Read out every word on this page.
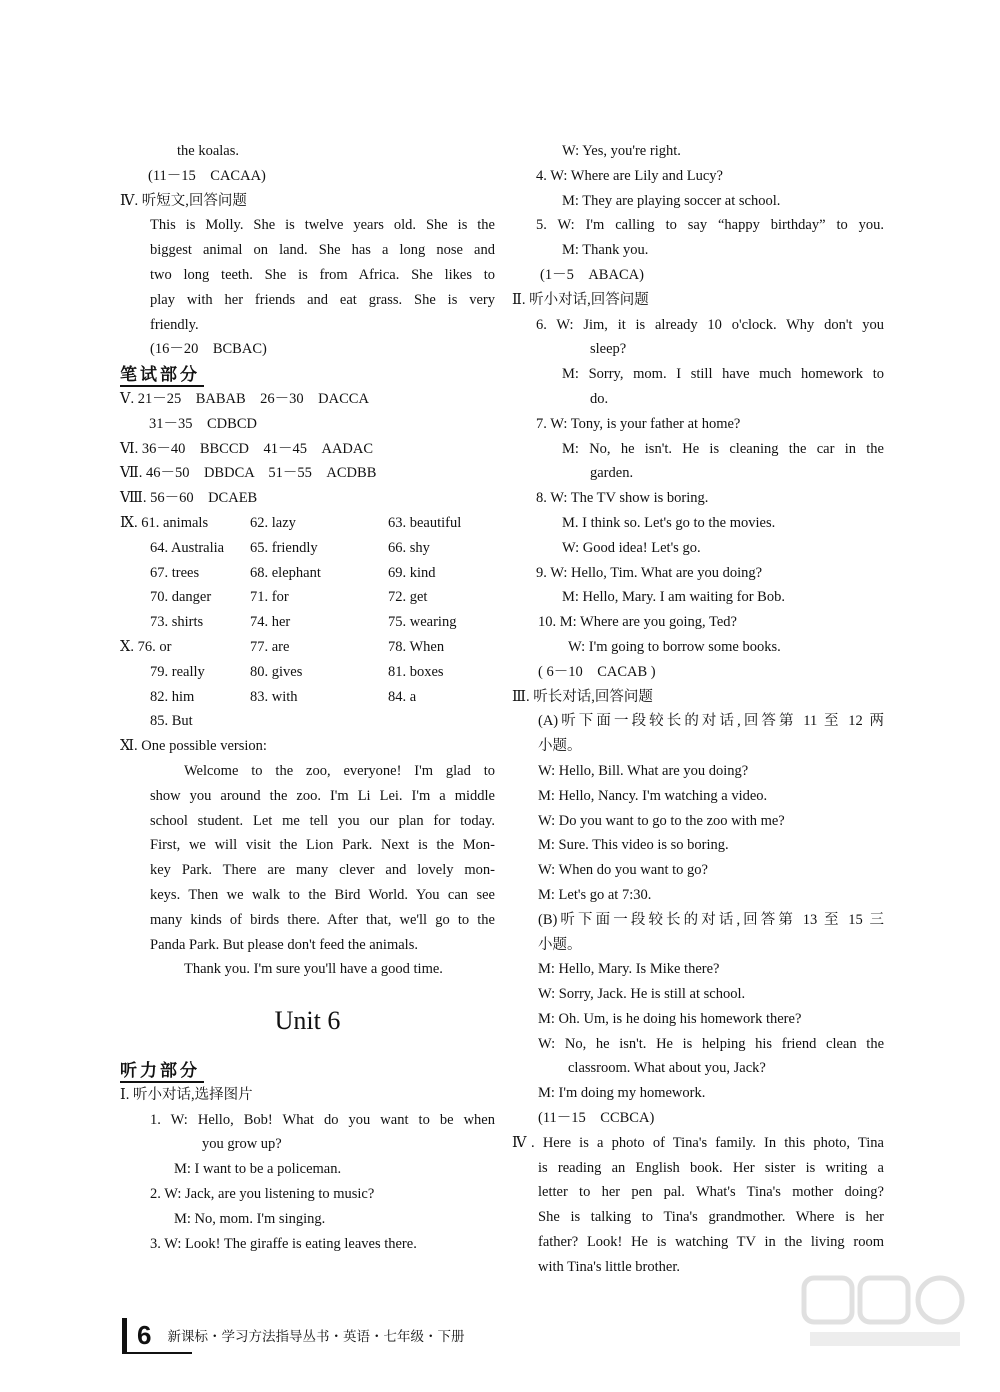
the koalas.
(11－15　CACAA)
Ⅳ. 听短文,回答问题
This is Molly. She is twelve years old. She is the
biggest animal on land. She has a long nose and
two long teeth. She is from Africa. She likes to
play with her friends and eat grass. She is very
friendly.
(16－20　BCBAC)
笔试部分
Ⅴ. 21－25　BABAB　26－30　DACCA
　　31－35　CDBCD
Ⅵ. 36－40　BBCCD　41－45　AADAC
Ⅶ. 46－50　DBDCA　51－55　ACDBB
Ⅷ. 56－60　DCAEB
Ⅸ. 61. animals	62. lazy	63. beautiful
64. Australia 65. friendly	66. shy
67. trees	68. elephant	69. kind
70. danger	71. for	72. get
73. shirts	74. her	75. wearing
Ⅹ. 76. or	77. are	78. When
79. really	80. gives	81. boxes
82. him	83. with	84. a
85. But
Ⅺ. One possible version:
Welcome to the zoo, everyone! I'm glad to
show you around the zoo. I'm Li Lei. I'm a middle
school student. Let me tell you our plan for today.
First, we will visit the Lion Park. Next is the Mon-
key Park. There are many clever and lovely mon-
keys. Then we walk to the Bird World. You can see
many kinds of birds there. After that, we'll go to the
Panda Park. But please don't feed the animals.
Thank you. I'm sure you'll have a good time.
Unit 6
听力部分
Ⅰ. 听小对话,选择图片
1. W: Hello, Bob! What do you want to be when
you grow up?
M: I want to be a policeman.
2. W: Jack, are you listening to music?
M: No, mom. I'm singing.
3. W: Look! The giraffe is eating leaves there.
W: Yes, you're right.
4. W: Where are Lily and Lucy?
M: They are playing soccer at school.
5. W: I'm calling to say “happy birthday” to you.
M: Thank you.
(1－5　ABACA)
Ⅱ. 听小对话,回答问题
6. W: Jim, it is already 10 o'clock. Why don't you
sleep?
M: Sorry, mom. I still have much homework to
do.
7. W: Tony, is your father at home?
M: No, he isn't. He is cleaning the car in the
garden.
8. W: The TV show is boring.
M. I think so. Let's go to the movies.
W: Good idea! Let's go.
9. W: Hello, Tim. What are you doing?
M: Hello, Mary. I am waiting for Bob.
10. M: Where are you going, Ted?
W: I'm going to borrow some books.
( 6－10　CACAB )
Ⅲ. 听长对话,回答问题
(A)听下面一段较长的对话,回答第 11 至 12 两
小题。
W: Hello, Bill. What are you doing?
M: Hello, Nancy. I'm watching a video.
W: Do you want to go to the zoo with me?
M: Sure. This video is so boring.
W: When do you want to go?
M: Let's go at 7:30.
(B)听下面一段较长的对话,回答第 13 至 15 三
小题。
M: Hello, Mary. Is Mike there?
W: Sorry, Jack. He is still at school.
M: Oh. Um, is he doing his homework there?
W: No, he isn't. He is helping his friend clean the
classroom. What about you, Jack?
M: I'm doing my homework.
(11－15　CCBCA)
Ⅳ. Here is a photo of Tina's family. In this photo, Tina
is reading an English book. Her sister is writing a
letter to her pen pal. What's Tina's mother doing?
She is talking to Tina's grandmother. Where is her
father? Look! He is watching TV in the living room
with Tina's little brother.
6 新课标・学习方法指导丛书・英语・七年级・下册
